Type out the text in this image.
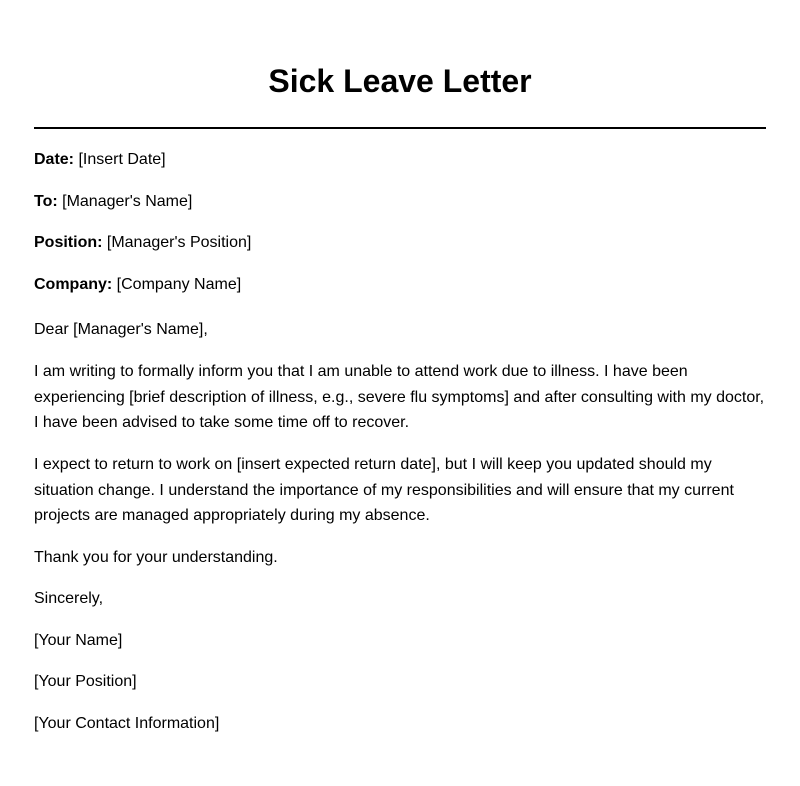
Sick Leave Letter

Date: [Insert Date]

To: [Manager's Name]

Position: [Manager's Position]

Company: [Company Name]

Dear [Manager's Name],

I am writing to formally inform you that I am unable to attend work due to illness. I have been experiencing [brief description of illness, e.g., severe flu symptoms] and after consulting with my doctor, I have been advised to take some time off to recover.

I expect to return to work on [insert expected return date], but I will keep you updated should my situation change. I understand the importance of my responsibilities and will ensure that my current projects are managed appropriately during my absence.

Thank you for your understanding.

Sincerely,

[Your Name]

[Your Position]

[Your Contact Information]
